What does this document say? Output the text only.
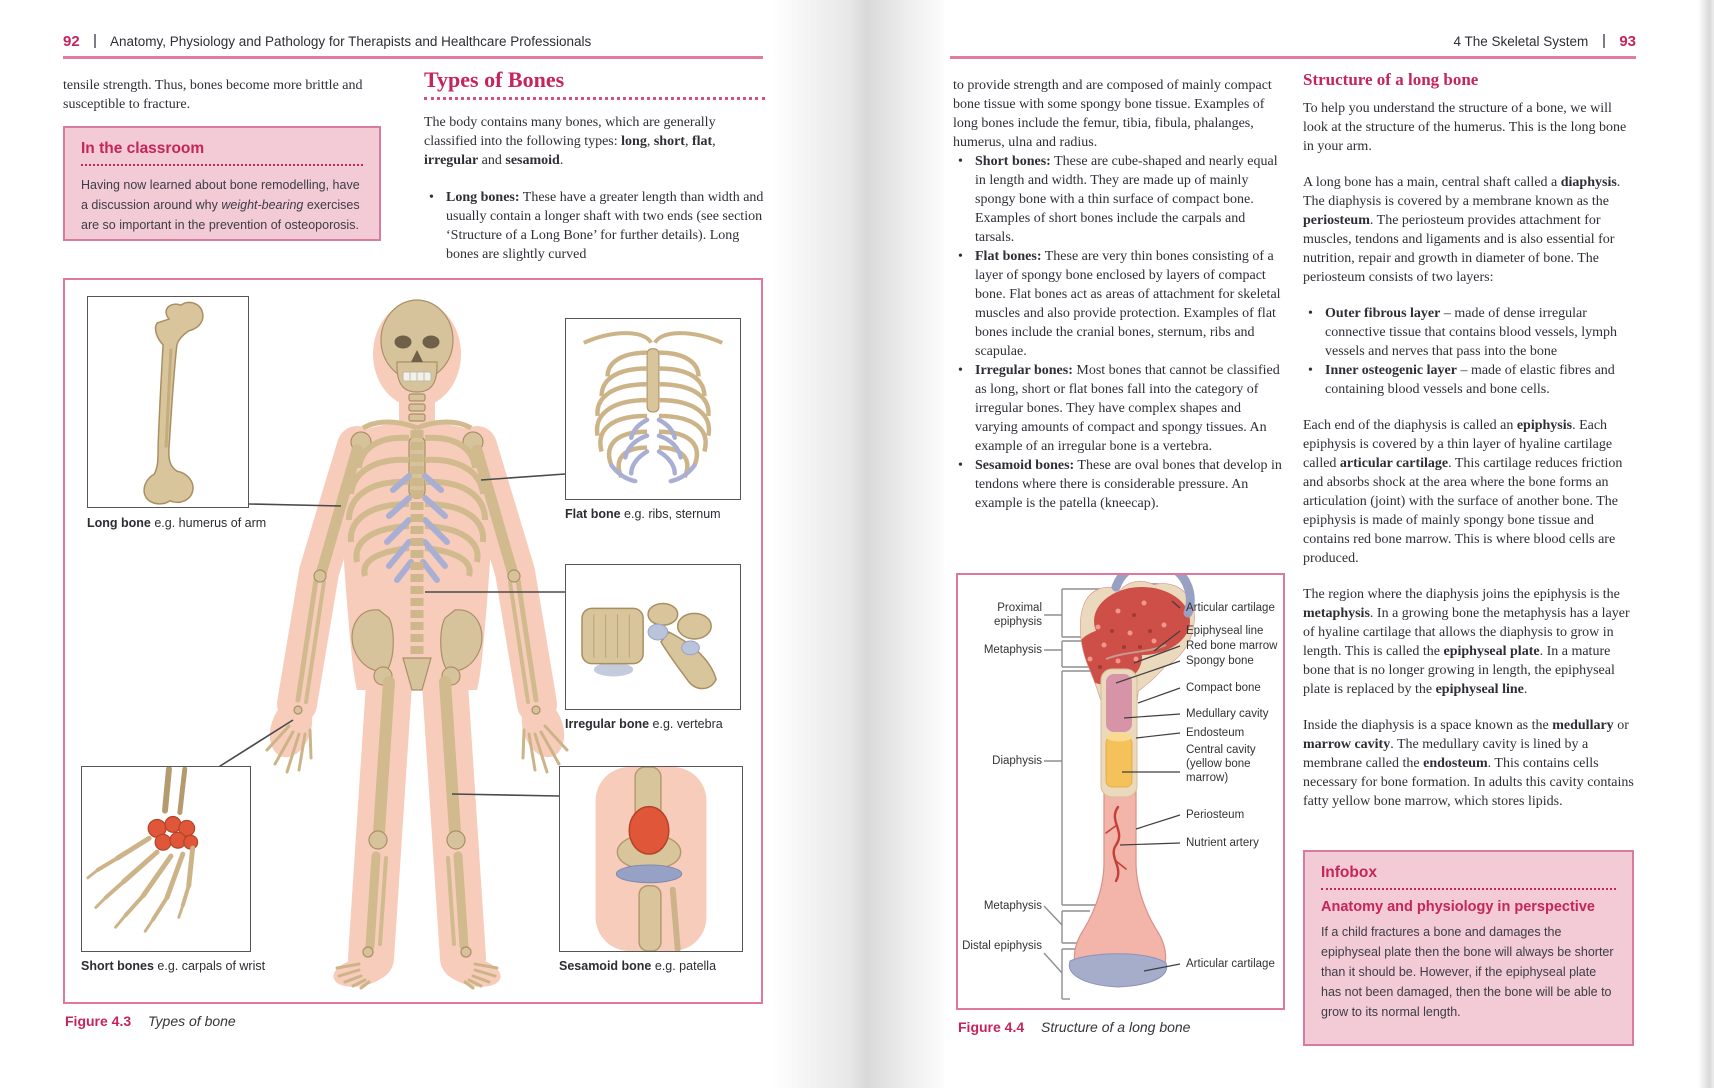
92 Anatomy, Physiology and Pathology for Therapists and Healthcare Professionals

tensile strength. Thus, bones become more brittle and susceptible to fracture.

In the classroom
Having now learned about bone remodelling, have a discussion around why weight-bearing exercises are so important in the prevention of osteoporosis.
Types of Bones

The body contains many bones, which are generally classified into the following types: long, short, flat, irregular and sesamoid.

• Long bones: These have a greater length than width and usually contain a longer shaft with two ends (see section ‘Structure of a Long Bone’ for further details). Long bones are slightly curved
Long bone e.g. humerus of arm
Flat bone e.g. ribs, sternum
Irregular bone e.g. vertebra
Short bones e.g. carpals of wrist	Sesamoid bone e.g. patella
Figure 4.3 Types of bone
4 The Skeletal System 93
to provide strength and are composed of mainly compact bone tissue with some spongy bone tissue. Examples of long bones include the femur, tibia, fibula, phalanges, humerus, ulna and radius.
• Short bones: These are cube-shaped and nearly equal in length and width. They are made up of mainly spongy bone with a thin surface of compact bone. Examples of short bones include the carpals and tarsals.
• Flat bones: These are very thin bones consisting of a layer of spongy bone enclosed by layers of compact bone. Flat bones act as areas of attachment for skeletal muscles and also provide protection. Examples of flat bones include the cranial bones, sternum, ribs and scapulae.
• Irregular bones: Most bones that cannot be classified as long, short or flat bones fall into the category of irregular bones. They have complex shapes and varying amounts of compact and spongy tissues. An example of an irregular bone is a vertebra.
• Sesamoid bones: These are oval bones that develop in tendons where there is considerable pressure. An example is the patella (kneecap).
Proximal epiphysis
Metaphysis
Diaphysis
Metaphysis
Distal epiphysis
Articular cartilage
Epiphyseal line
Red bone marrow
Spongy bone
Compact bone
Medullary cavity
Endosteum
Central cavity (yellow bone marrow)
Periosteum
Nutrient artery
Articular cartilage
Figure 4.4 Structure of a long bone
Structure of a long bone

To help you understand the structure of a bone, we will look at the structure of the humerus. This is the long bone in your arm.

A long bone has a main, central shaft called a diaphysis. The diaphysis is covered by a membrane known as the periosteum. The periosteum provides attachment for muscles, tendons and ligaments and is also essential for nutrition, repair and growth in diameter of bone. The periosteum consists of two layers:

• Outer fibrous layer – made of dense irregular connective tissue that contains blood vessels, lymph vessels and nerves that pass into the bone
• Inner osteogenic layer – made of elastic fibres and containing blood vessels and bone cells.

Each end of the diaphysis is called an epiphysis. Each epiphysis is covered by a thin layer of hyaline cartilage called articular cartilage. This cartilage reduces friction and absorbs shock at the area where the bone forms an articulation (joint) with the surface of another bone. The epiphysis is made of mainly spongy bone tissue and contains red bone marrow. This is where blood cells are produced.

The region where the diaphysis joins the epiphysis is the metaphysis. In a growing bone the metaphysis has a layer of hyaline cartilage that allows the diaphysis to grow in length. This is called the epiphyseal plate. In a mature bone that is no longer growing in length, the epiphyseal plate is replaced by the epiphyseal line.

Inside the diaphysis is a space known as the medullary or marrow cavity. The medullary cavity is lined by a membrane called the endosteum. This contains cells necessary for bone formation. In adults this cavity contains fatty yellow bone marrow, which stores lipids.

Infobox
Anatomy and physiology in perspective
If a child fractures a bone and damages the epiphyseal plate then the bone will always be shorter than it should be. However, if the epiphyseal plate has not been damaged, then the bone will be able to grow to its normal length.
